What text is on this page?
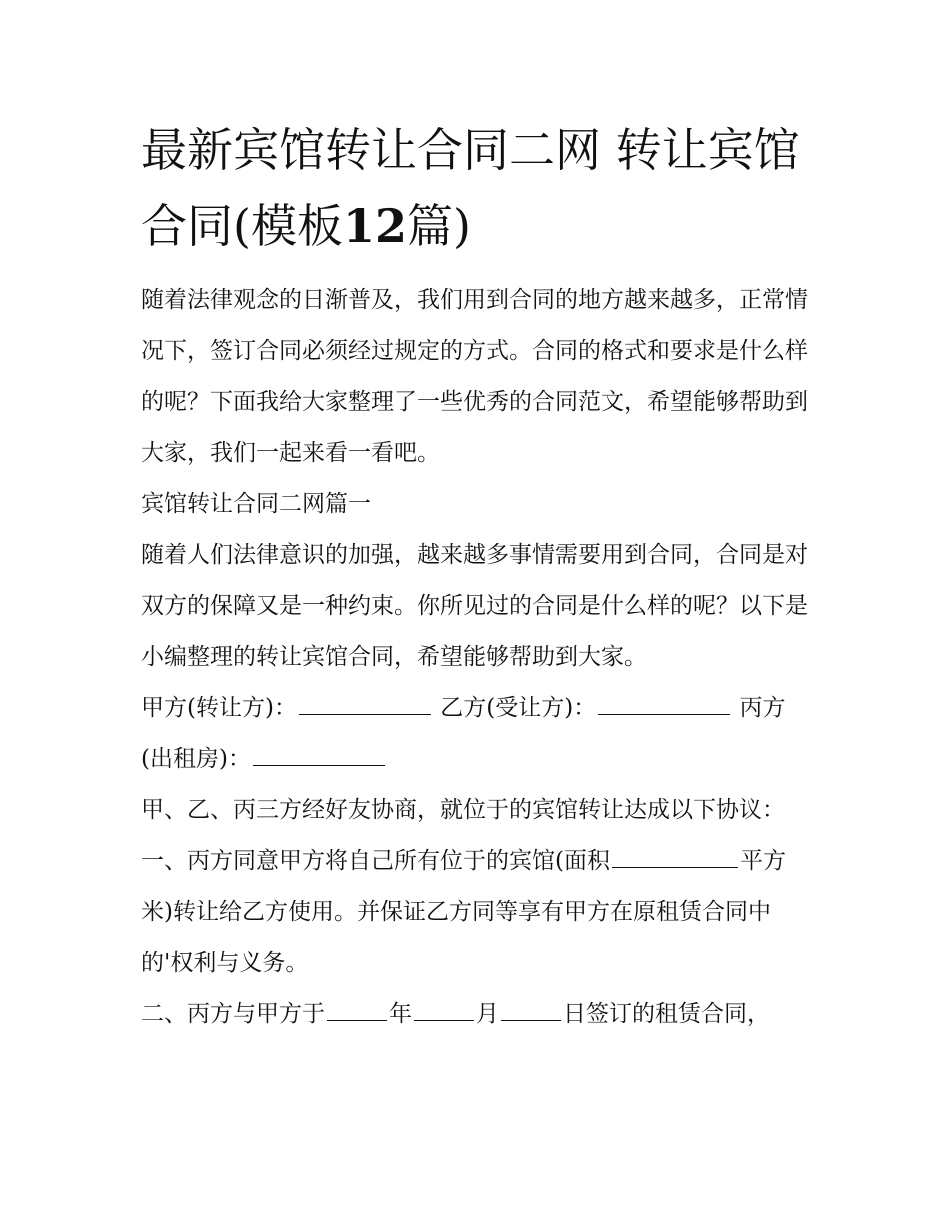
最新宾馆转让合同二网 转让宾馆合同(模板12篇)

随着法律观念的日渐普及，我们用到合同的地方越来越多，正常情况下，签订合同必须经过规定的方式。合同的格式和要求是什么样的呢？下面我给大家整理了一些优秀的合同范文，希望能够帮助到大家，我们一起来看一看吧。

宾馆转让合同二网篇一

随着人们法律意识的加强，越来越多事情需要用到合同，合同是对双方的保障又是一种约束。你所见过的合同是什么样的呢？以下是小编整理的转让宾馆合同，希望能够帮助到大家。

甲方(转让方)：	乙方(受让方)：	丙方(出租房)：

甲、乙、丙三方经好友协商，就位于的宾馆转让达成以下协议：

一、丙方同意甲方将自己所有位于的宾馆(面积	平方米)转让给乙方使用。并保证乙方同等享有甲方在原租赁合同中的'权利与义务。

二、丙方与甲方于	年	月	日签订的租赁合同，
